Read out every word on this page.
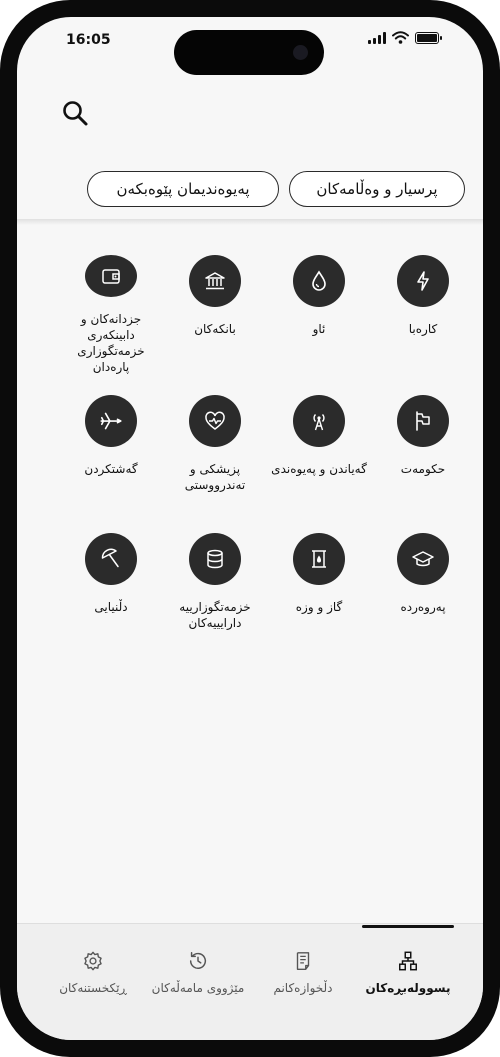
16:05
پرسیار و وەڵامەکان
پەیوەندیمان پێوەبکەن
کارەبا
ئاو
بانکەکان
جزدانەکان و دابینکەری خزمەتگوزاری پارەدان
حکومەت
گەیاندن و پەیوەندی
پزیشکی و تەندرووستی
گەشتکردن
پەروەردە
گاز و وزە
خزمەتگوزارییە دارایییەکان
دڵنیایی
پسوولەبڕەکان
دڵخوازەکانم
مێژووی مامەڵەکان
ڕێکخستنەکان
